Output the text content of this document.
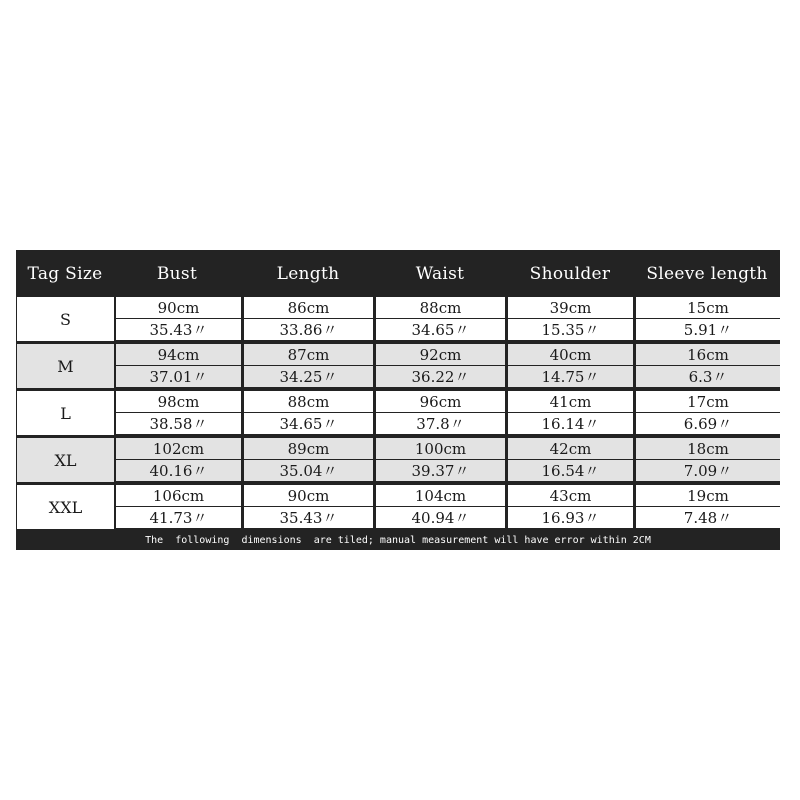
Tag Size	Bust	Length	Waist	Shoulder	Sleeve length
S
90cm	86cm	88cm	39cm	15cm
35.43〃	33.86〃	34.65〃	15.35〃	5.91〃
M
94cm	87cm	92cm	40cm	16cm
37.01〃	34.25〃	36.22〃	14.75〃	6.3〃
L
98cm	88cm	96cm	41cm	17cm
38.58〃	34.65〃	37.8〃	16.14〃	6.69〃
XL
102cm	89cm	100cm	42cm	18cm
40.16〃	35.04〃	39.37〃	16.54〃	7.09〃
XXL
106cm	90cm	104cm	43cm	19cm
41.73〃	35.43〃	40.94〃	16.93〃	7.48〃
The  following  dimensions  are tiled; manual measurement will have error within 2CM
